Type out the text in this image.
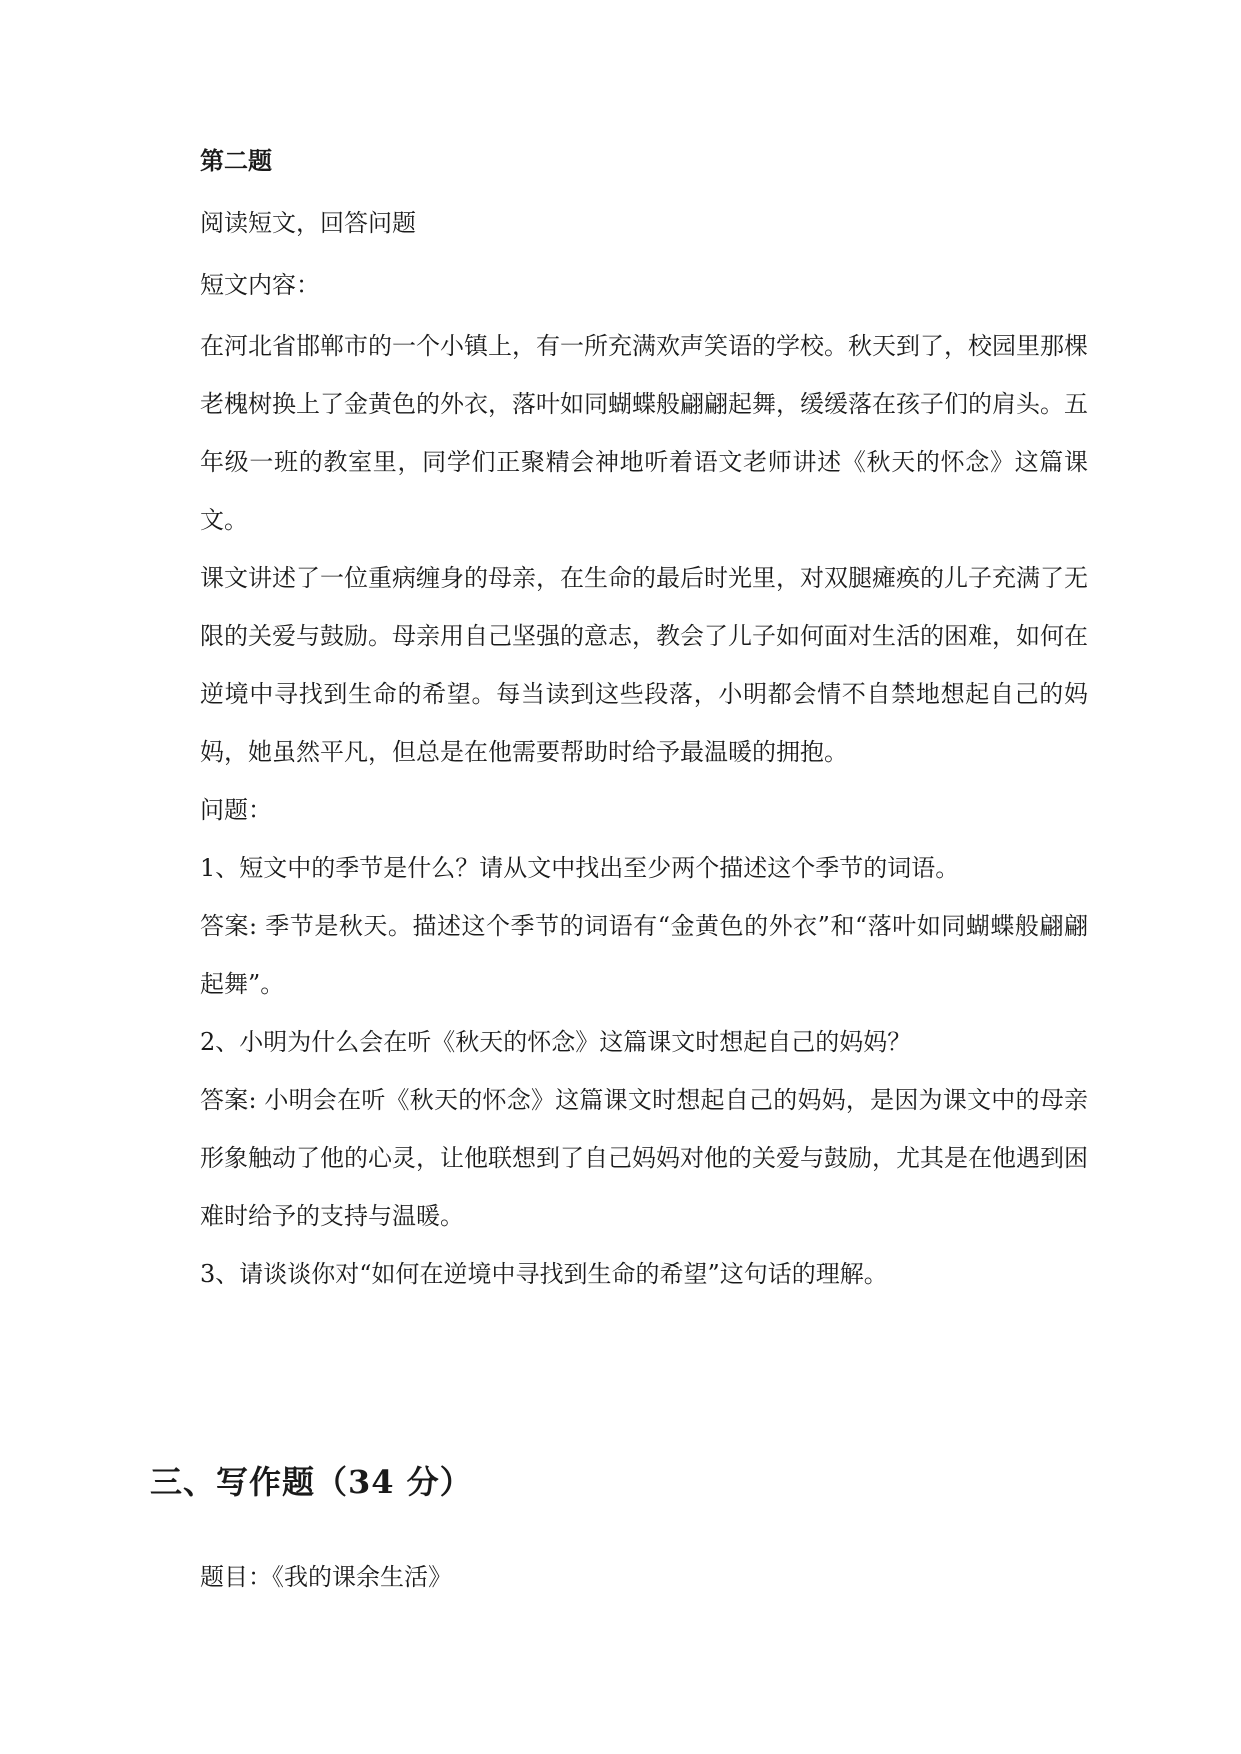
第二题

阅读短文，回答问题

短文内容：

在河北省邯郸市的一个小镇上，有一所充满欢声笑语的学校。秋天到了，校园里那棵老槐树换上了金黄色的外衣，落叶如同蝴蝶般翩翩起舞，缓缓落在孩子们的肩头。五年级一班的教室里，同学们正聚精会神地听着语文老师讲述《秋天的怀念》这篇课文。

课文讲述了一位重病缠身的母亲，在生命的最后时光里，对双腿瘫痪的儿子充满了无限的关爱与鼓励。母亲用自己坚强的意志，教会了儿子如何面对生活的困难，如何在逆境中寻找到生命的希望。每当读到这些段落，小明都会情不自禁地想起自己的妈妈，她虽然平凡，但总是在他需要帮助时给予最温暖的拥抱。

问题：

1、短文中的季节是什么？请从文中找出至少两个描述这个季节的词语。

答案: 季节是秋天。描述这个季节的词语有“金黄色的外衣”和“落叶如同蝴蝶般翩翩起舞”。

2、小明为什么会在听《秋天的怀念》这篇课文时想起自己的妈妈？

答案: 小明会在听《秋天的怀念》这篇课文时想起自己的妈妈，是因为课文中的母亲形象触动了他的心灵，让他联想到了自己妈妈对他的关爱与鼓励，尤其是在他遇到困难时给予的支持与温暖。

3、请谈谈你对“如何在逆境中寻找到生命的希望”这句话的理解。

三、写作题（34 分）

题目：《我的课余生活》
